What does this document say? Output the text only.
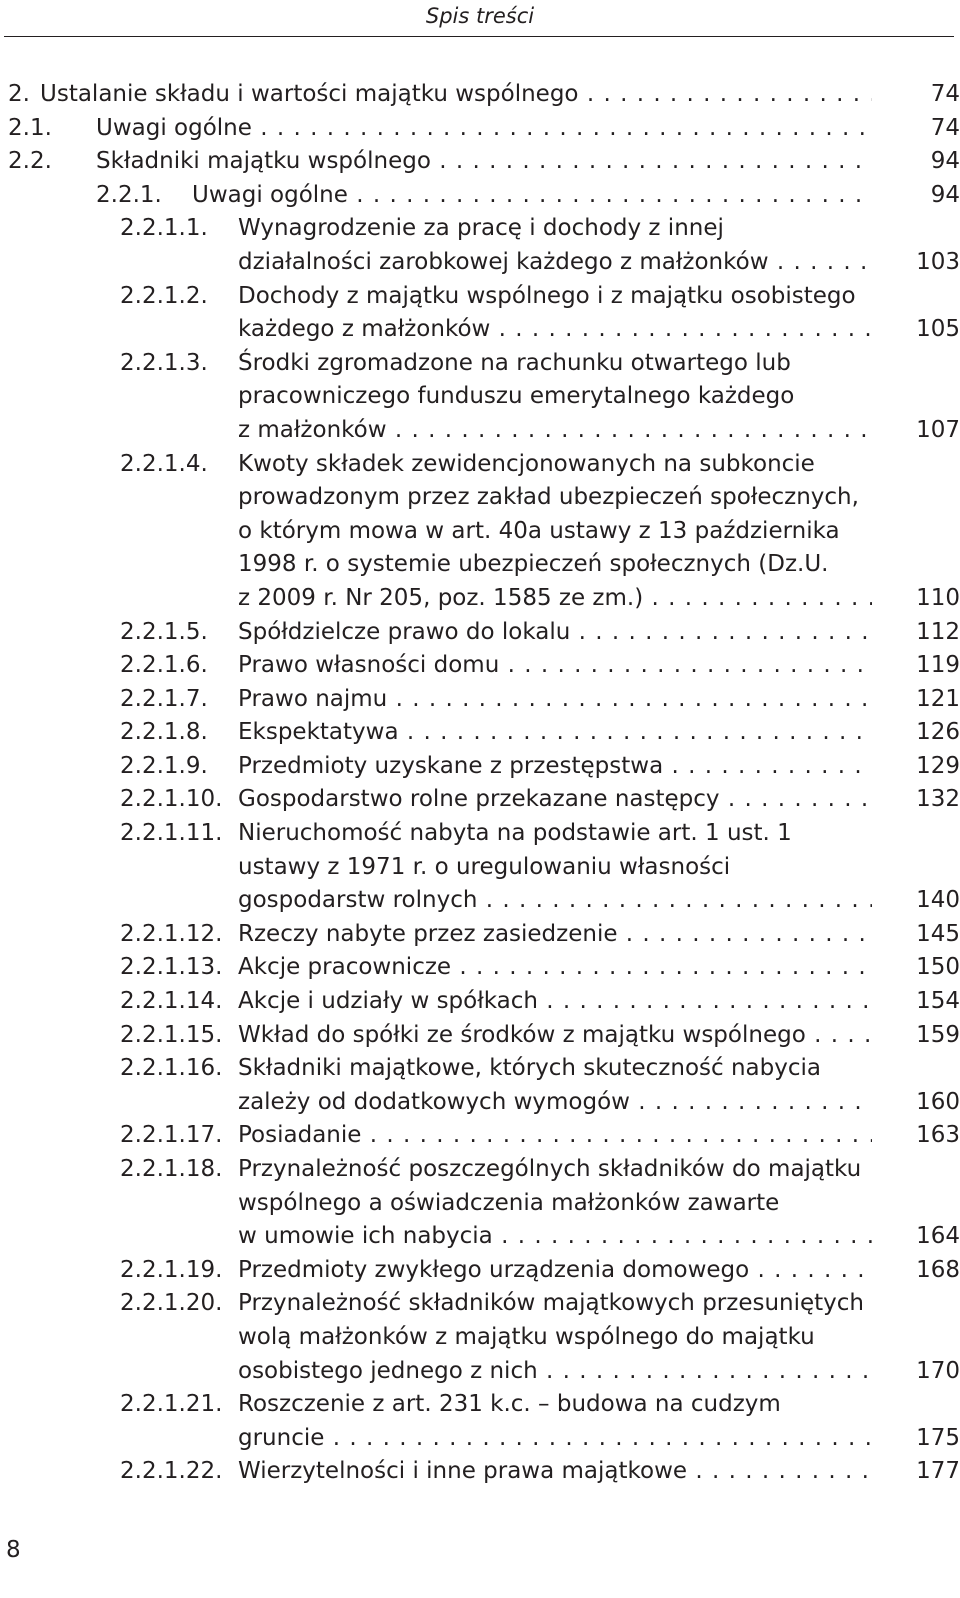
Spis treści
2. Ustalanie składu i wartości majątku wspólnego . . .	74
2.1. Uwagi ogólne . . .	74
2.2. Składniki majątku wspólnego . . .	94
2.2.1. Uwagi ogólne . . .	94
2.2.1.1. Wynagrodzenie za pracę i dochody z innej
działalności zarobkowej każdego z małżonków . . .	103
2.2.1.2. Dochody z majątku wspólnego i z majątku osobistego
każdego z małżonków . . .	105
2.2.1.3. Środki zgromadzone na rachunku otwartego lub
pracowniczego funduszu emerytalnego każdego
z małżonków . . .	107
2.2.1.4. Kwoty składek zewidencjonowanych na subkoncie
prowadzonym przez zakład ubezpieczeń społecznych,
o którym mowa w art. 40a ustawy z 13 października
1998 r. o systemie ubezpieczeń społecznych (Dz.U.
z 2009 r. Nr 205, poz. 1585 ze zm.) . . .	110
2.2.1.5. Spółdzielcze prawo do lokalu . . .	112
2.2.1.6. Prawo własności domu . . .	119
2.2.1.7. Prawo najmu . . .	121
2.2.1.8. Ekspektatywa . . .	126
2.2.1.9. Przedmioty uzyskane z przestępstwa . . .	129
2.2.1.10. Gospodarstwo rolne przekazane następcy . . .	132
2.2.1.11. Nieruchomość nabyta na podstawie art. 1 ust. 1
ustawy z 1971 r. o uregulowaniu własności
gospodarstw rolnych . . .	140
2.2.1.12. Rzeczy nabyte przez zasiedzenie . . .	145
2.2.1.13. Akcje pracownicze . . .	150
2.2.1.14. Akcje i udziały w spółkach . . .	154
2.2.1.15. Wkład do spółki ze środków z majątku wspólnego . . .	159
2.2.1.16. Składniki majątkowe, których skuteczność nabycia
zależy od dodatkowych wymogów . . .	160
2.2.1.17. Posiadanie . . .	163
2.2.1.18. Przynależność poszczególnych składników do majątku
wspólnego a oświadczenia małżonków zawarte
w umowie ich nabycia . . .	164
2.2.1.19. Przedmioty zwykłego urządzenia domowego . . .	168
2.2.1.20. Przynależność składników majątkowych przesuniętych
wolą małżonków z majątku wspólnego do majątku
osobistego jednego z nich . . .	170
2.2.1.21. Roszczenie z art. 231 k.c. – budowa na cudzym
gruncie . . .	175
2.2.1.22. Wierzytelności i inne prawa majątkowe . . .	177
8
